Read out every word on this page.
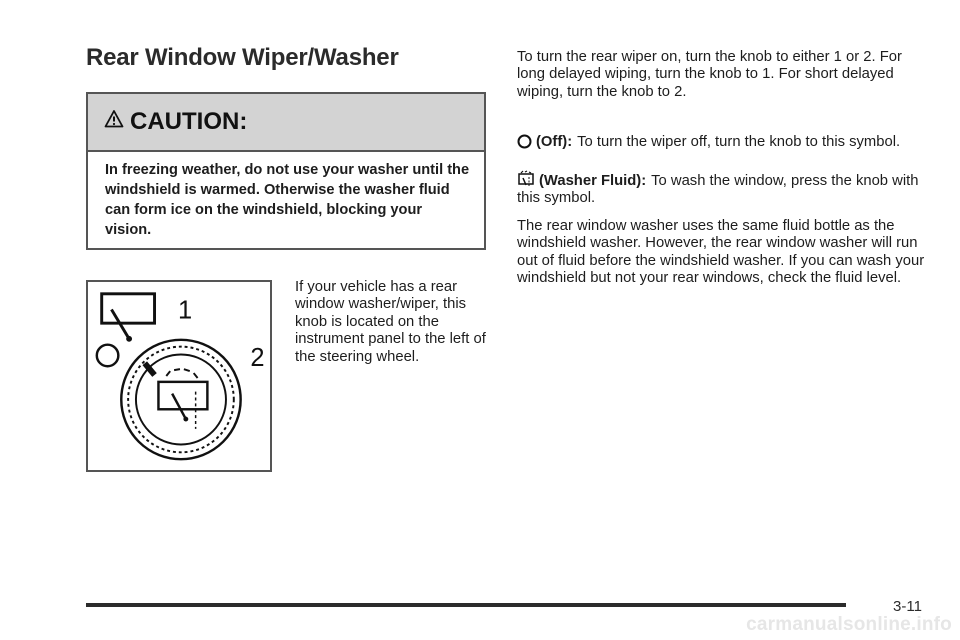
Rear Window Wiper/Washer
CAUTION:
In freezing weather, do not use your washer until the windshield is warmed. Otherwise the washer fluid can form ice on the windshield, blocking your vision.
1
2

If your vehicle has a rear window washer/wiper, this knob is located on the instrument panel to the left of the steering wheel.

To turn the rear wiper on, turn the knob to either 1 or 2. For long delayed wiping, turn the knob to 1. For short delayed wiping, turn the knob to 2.

(Off): To turn the wiper off, turn the knob to this symbol.

(Washer Fluid): To wash the window, press the knob with this symbol.

The rear window washer uses the same fluid bottle as the windshield washer. However, the rear window washer will run out of fluid before the windshield washer. If you can wash your windshield but not your rear windows, check the fluid level.

3-11
carmanualsonline.info
